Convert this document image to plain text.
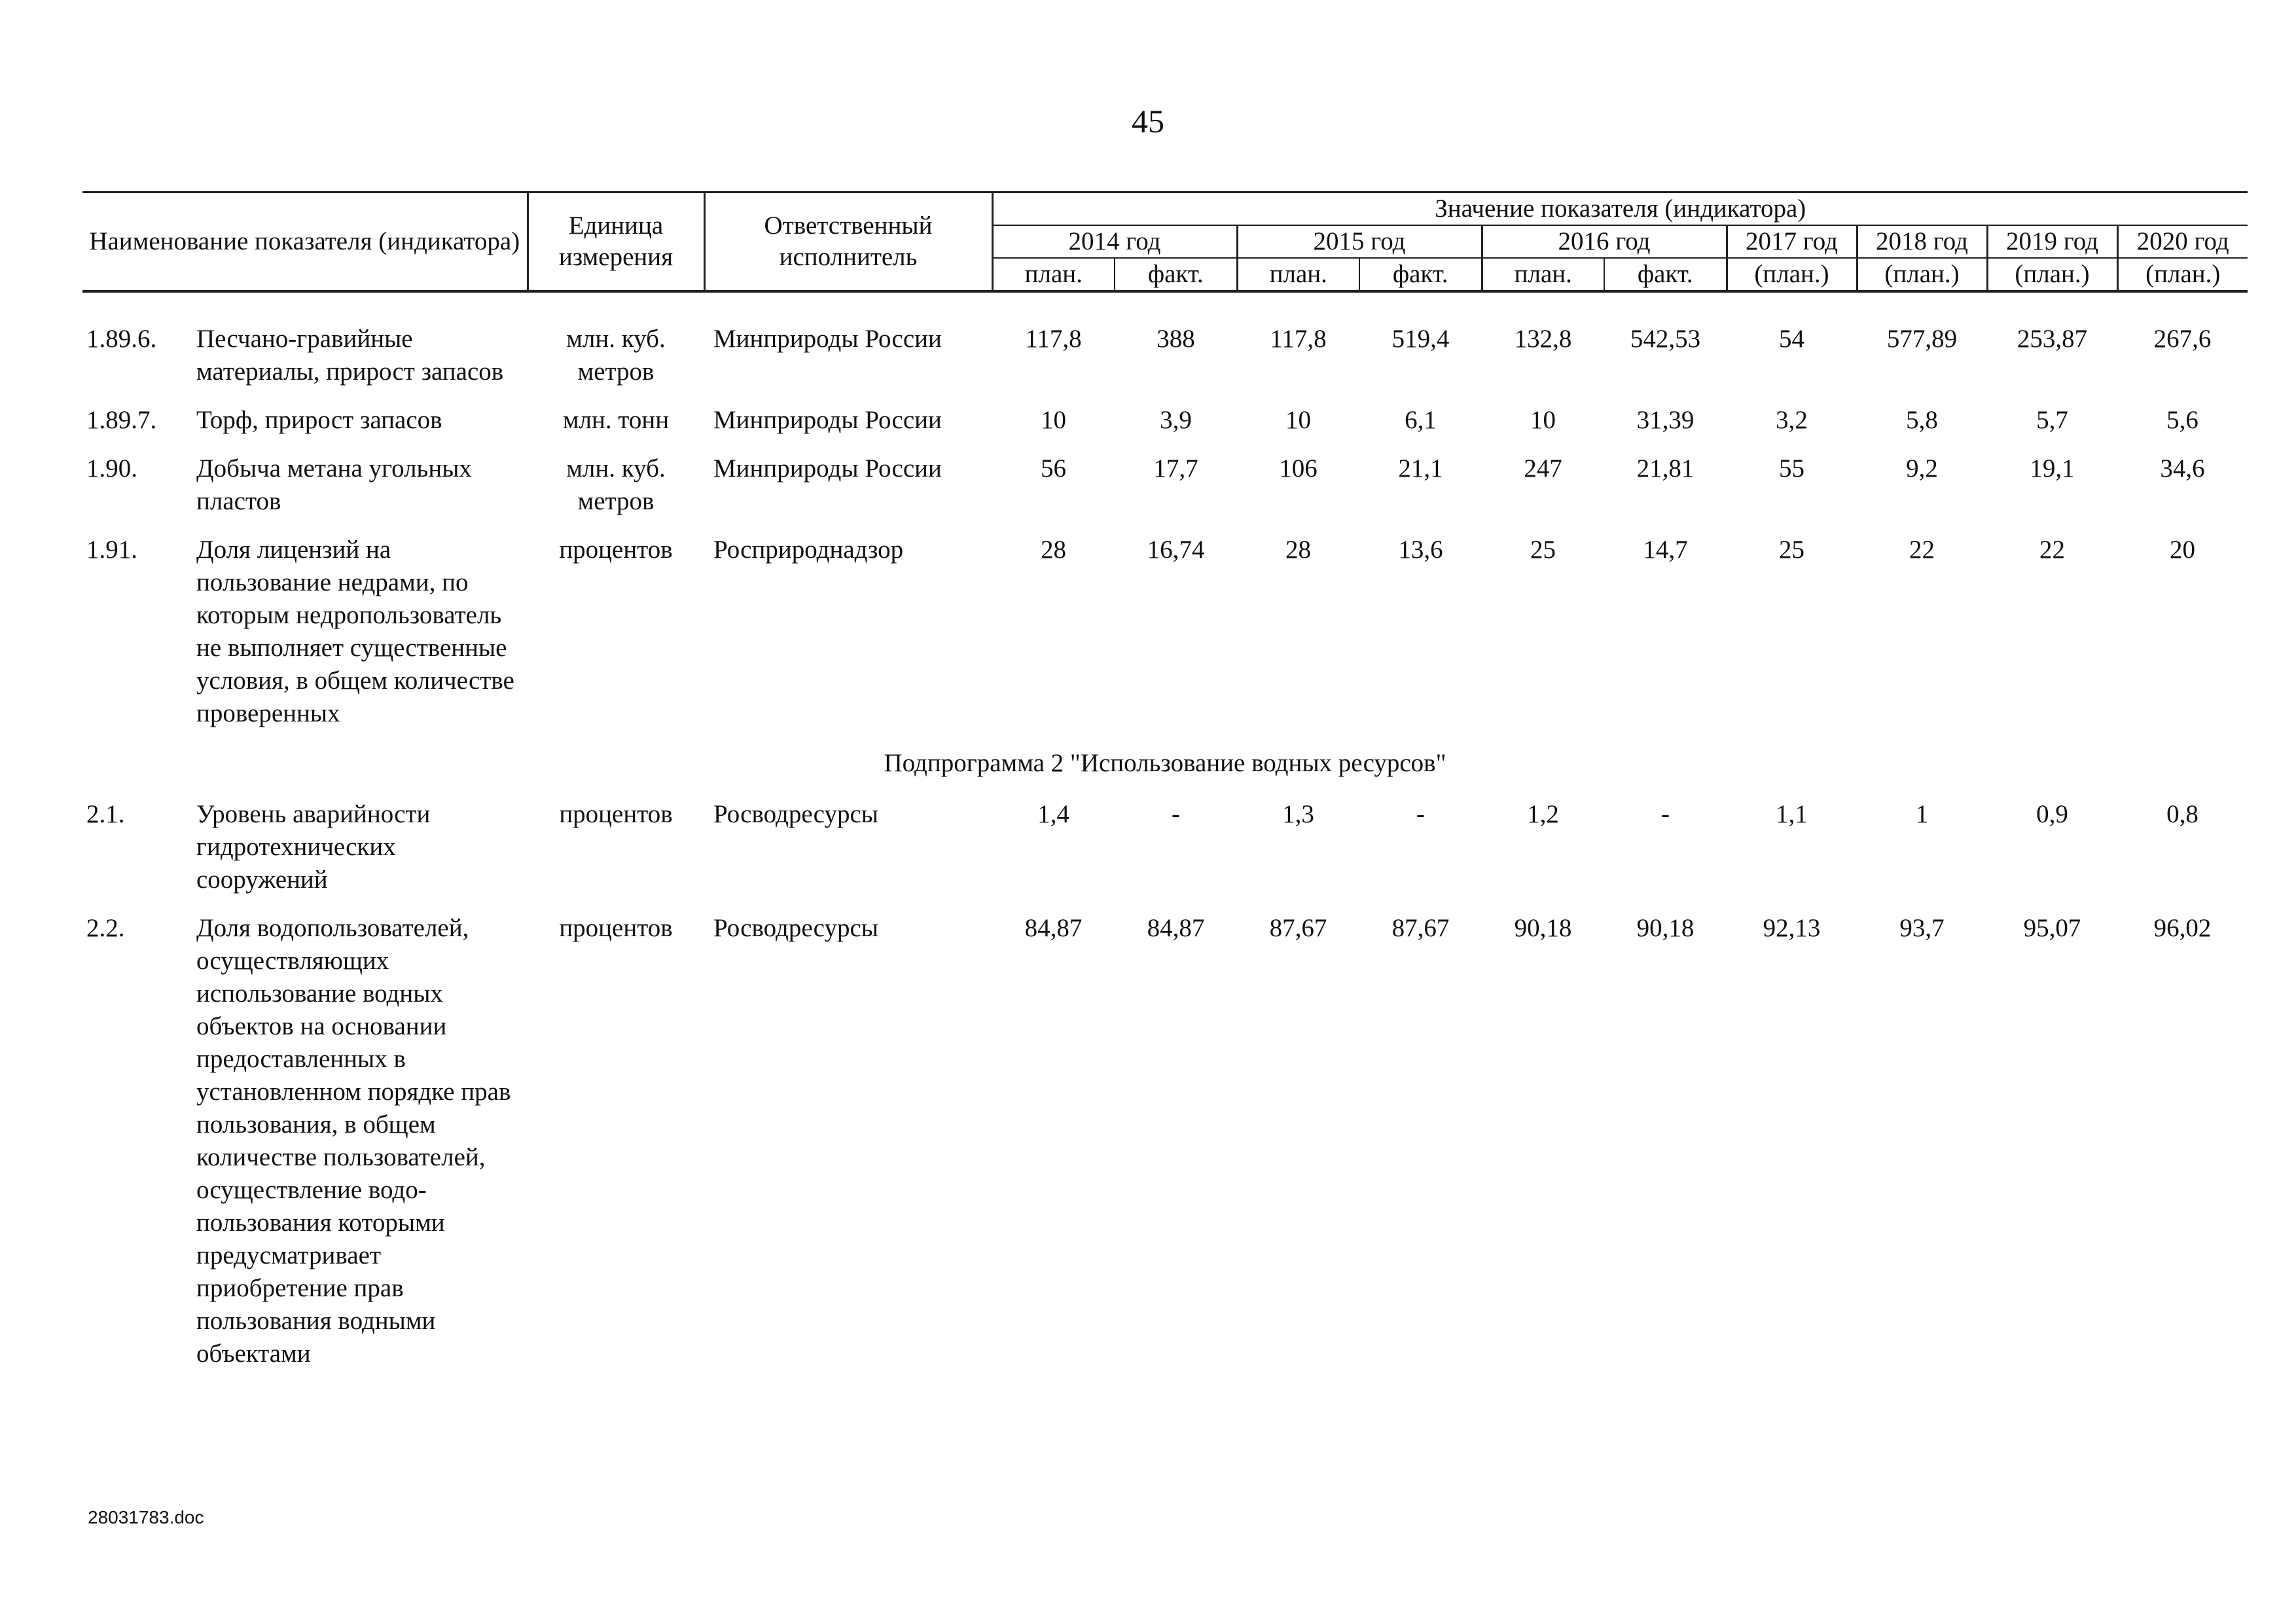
45
Наименование показателя (индикатора)		Единица измерения	Ответственный исполнитель	Значение показателя (индикатора)									
				2014 год		2015 год		2016 год		2017 год	2018 год	2019 год	2020 год
				план.	факт.	план.	факт.	план.	факт.	(план.)	(план.)	(план.)	(план.)

1.89.6.	Песчано-гравийные материалы, прирост запасов	млн. куб. метров	Минприроды России	117,8	388	117,8	519,4	132,8	542,53	54	577,89	253,87	267,6
1.89.7.	Торф, прирост запасов	млн. тонн	Минприроды России	10	3,9	10	6,1	10	31,39	3,2	5,8	5,7	5,6
1.90.	Добыча метана угольных пластов	млн. куб. метров	Минприроды России	56	17,7	106	21,1	247	21,81	55	9,2	19,1	34,6
1.91.	Доля лицензий на пользование недрами, по которым недропользователь не выполняет существенные условия, в общем количестве проверенных	процентов	Росприроднадзор	28	16,74	28	13,6	25	14,7	25	22	22	20
Подпрограмма 2 "Использование водных ресурсов"													
2.1.	Уровень аварийности гидротехнических сооружений	процентов	Росводресурсы	1,4	-	1,3	-	1,2	-	1,1	1	0,9	0,8
2.2.	Доля водопользователей, осуществляющих использование водных объектов на основании предоставленных в установленном порядке прав пользования, в общем количестве пользователей, осуществление водо-пользования которыми предусматривает приобретение прав пользования водными объектами	процентов	Росводресурсы	84,87	84,87	87,67	87,67	90,18	90,18	92,13	93,7	95,07	96,02
28031783.doc
